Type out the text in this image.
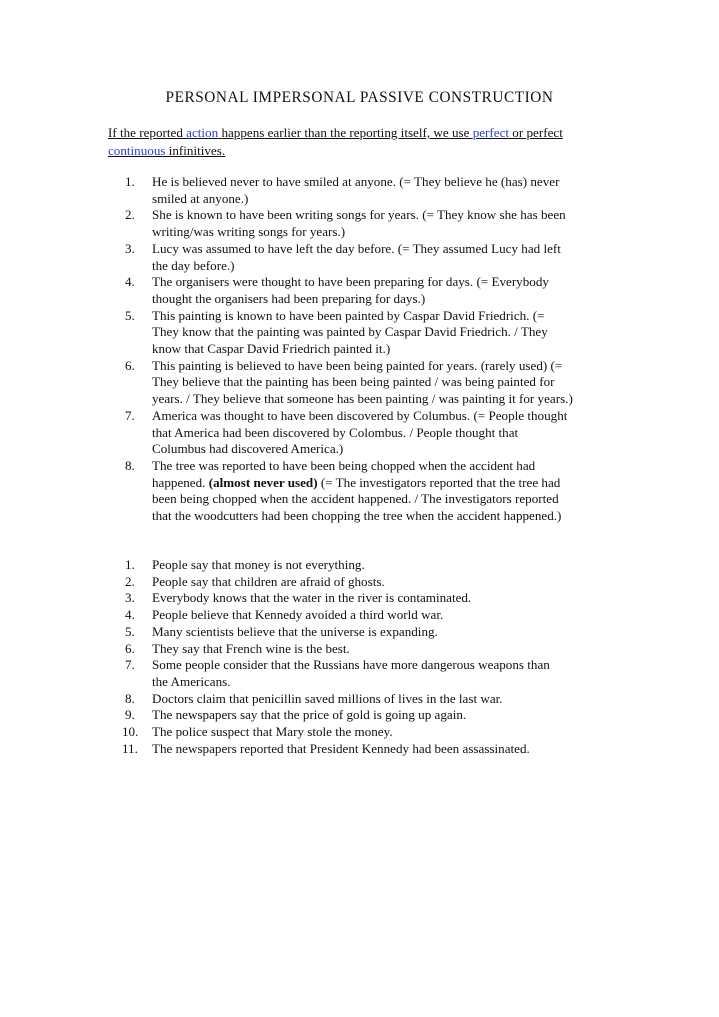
PERSONAL IMPERSONAL PASSIVE CONSTRUCTION
If the reported action happens earlier than the reporting itself, we use perfect or perfect
continuous infinitives.
1.	He is believed never to have smiled at anyone. (= They believe he (has) never
smiled at anyone.)
2.	She is known to have been writing songs for years. (= They know she has been
writing/was writing songs for years.)
3.	Lucy was assumed to have left the day before. (= They assumed Lucy had left
the day before.)
4.	The organisers were thought to have been preparing for days. (= Everybody
thought the organisers had been preparing for days.)
5.	This painting is known to have been painted by Caspar David Friedrich. (=
They know that the painting was painted by Caspar David Friedrich. / They
know that Caspar David Friedrich painted it.)
6.	This painting is believed to have been being painted for years. (rarely used) (=
They believe that the painting has been being painted / was being painted for
years. / They believe that someone has been painting / was painting it for years.)
7.	America was thought to have been discovered by Columbus. (= People thought
that America had been discovered by Colombus. / People thought that
Columbus had discovered America.)
8.	The tree was reported to have been being chopped when the accident had
happened. (almost never used) (= The investigators reported that the tree had
been being chopped when the accident happened. / The investigators reported
that the woodcutters had been chopping the tree when the accident happened.)
1.	People say that money is not everything.
2.	People say that children are afraid of ghosts.
3.	Everybody knows that the water in the river is contaminated.
4.	People believe that Kennedy avoided a third world war.
5.	Many scientists believe that the universe is expanding.
6.	They say that French wine is the best.
7.	Some people consider that the Russians have more dangerous weapons than
the Americans.
8.	Doctors claim that penicillin saved millions of lives in the last war.
9.	The newspapers say that the price of gold is going up again.
10.	The police suspect that Mary stole the money.
11.	The newspapers reported that President Kennedy had been assassinated.
